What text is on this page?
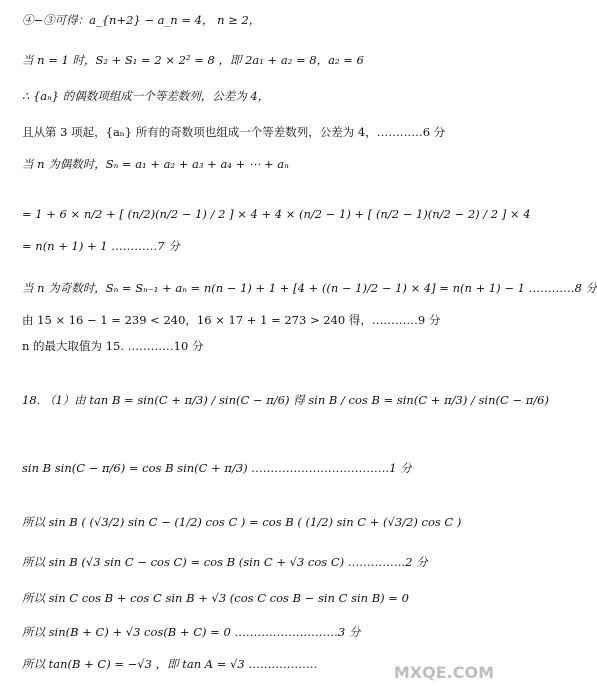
④−③可得：a_{n+2} − a_n = 4， n ≥ 2，
当 n = 1 时，S₂ + S₁ = 2 × 2² = 8 ，即 2a₁ + a₂ = 8，a₂ = 6
∴ {aₙ} 的偶数项组成一个等差数列，公差为 4，
且从第 3 项起，{aₙ} 所有的奇数项也组成一个等差数列，公差为 4，…………6 分
当 n 为偶数时，Sₙ = a₁ + a₂ + a₃ + a₄ + ⋯ + aₙ
= 1 + 6 × n/2 + [ (n/2)(n/2 − 1) / 2 ] × 4 + 4 × (n/2 − 1) + [ (n/2 − 1)(n/2 − 2) / 2 ] × 4
= n(n + 1) + 1 …………7 分
当 n 为奇数时，Sₙ = Sₙ₋₁ + aₙ = n(n − 1) + 1 + [4 + ((n − 1)/2 − 1) × 4] = n(n + 1) − 1 …………8 分
由 15 × 16 − 1 = 239 < 240，16 × 17 + 1 = 273 > 240 得，…………9 分
n 的最大取值为 15. …………10 分
18. （1）由 tan B = sin(C + π/3) / sin(C − π/6) 得 sin B / cos B = sin(C + π/3) / sin(C − π/6)
sin B sin(C − π/6) = cos B sin(C + π/3) ………………………………1 分
所以 sin B ( (√3/2) sin C − (1/2) cos C ) = cos B ( (1/2) sin C + (√3/2) cos C )
所以 sin B (√3 sin C − cos C) = cos B (sin C + √3 cos C) ……………2 分
所以 sin C cos B + cos C sin B + √3 (cos C cos B − sin C sin B) = 0
所以 sin(B + C) + √3 cos(B + C) = 0 ………………………3 分
所以 tan(B + C) = −√3 ，即 tan A = √3 ………………	MXQE.COM
